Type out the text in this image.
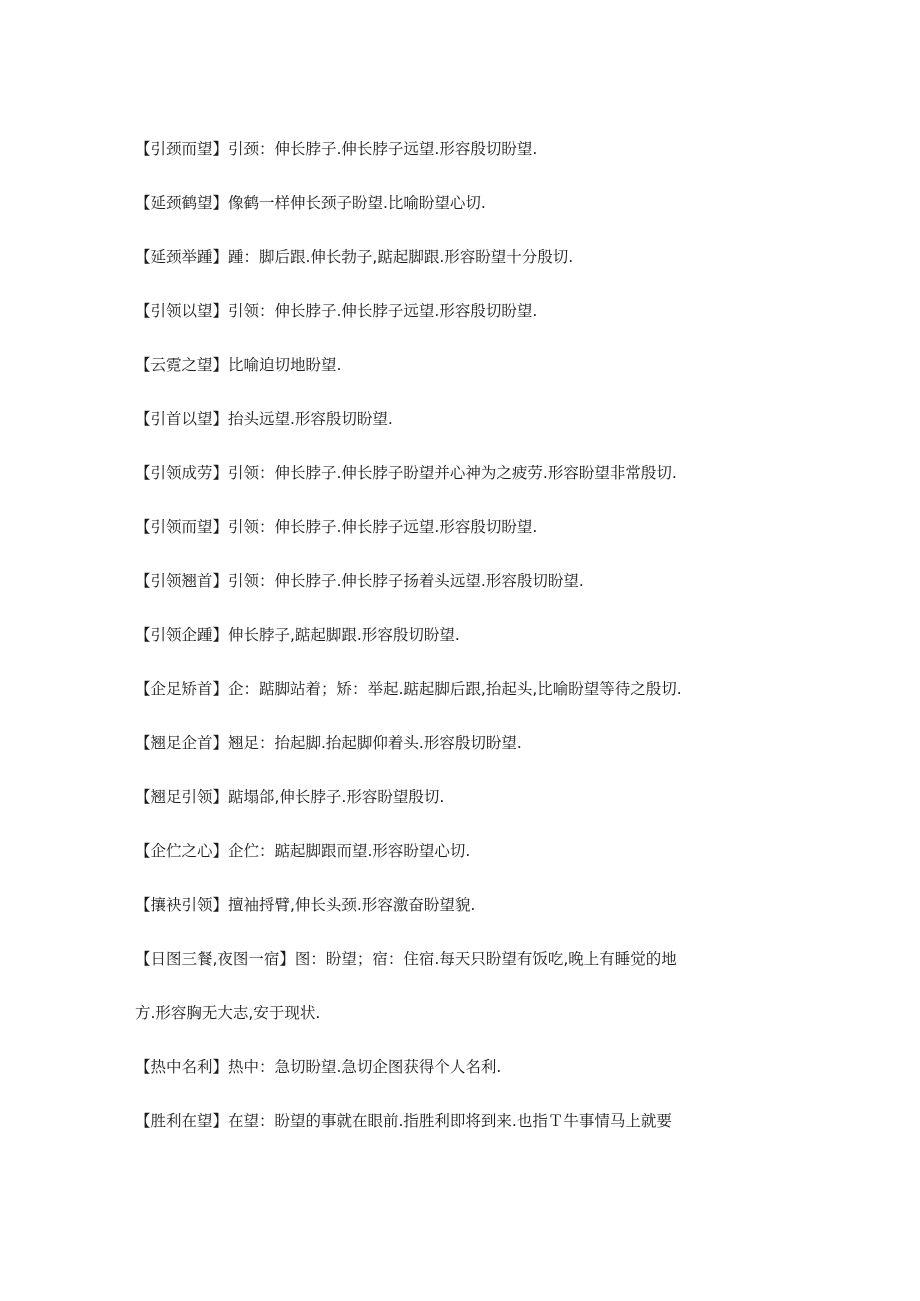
【引颈而望】引颈：伸长脖子.伸长脖子远望.形容殷切盼望.
【延颈鹤望】像鹤一样伸长颈子盼望.比喻盼望心切.
【延颈举踵】踵：脚后跟.伸长勃子,踮起脚跟.形容盼望十分殷切.
【引领以望】引领：伸长脖子.伸长脖子远望.形容殷切盼望.
【云霓之望】比喻迫切地盼望.
【引首以望】抬头远望.形容殷切盼望.
【引领成劳】引领：伸长脖子.伸长脖子盼望并心神为之疲劳.形容盼望非常殷切.
【引领而望】引领：伸长脖子.伸长脖子远望.形容殷切盼望.
【引领翘首】引领：伸长脖子.伸长脖子扬着头远望.形容殷切盼望.
【引领企踵】伸长脖子,踮起脚跟.形容殷切盼望.
【企足矫首】企：踮脚站着；矫：举起.踮起脚后跟,抬起头,比喻盼望等待之殷切.
【翘足企首】翘足：抬起脚.抬起脚仰着头.形容殷切盼望.
【翘足引领】踮塌郃,伸长脖子.形容盼望殷切.
【企伫之心】企伫：踮起脚跟而望.形容盼望心切.
【攘袂引领】擅袖捋臂,伸长头颈.形容激奋盼望貌.
【日图三餐,夜图一宿】图：盼望；宿：住宿.每天只盼望有饭吃,晚上有睡觉的地
方.形容胸无大志,安于现状.
【热中名利】热中：急切盼望.急切企图获得个人名利.
【胜利在望】在望：盼望的事就在眼前.指胜利即将到来.也指Ｔ牛事情马上就要
